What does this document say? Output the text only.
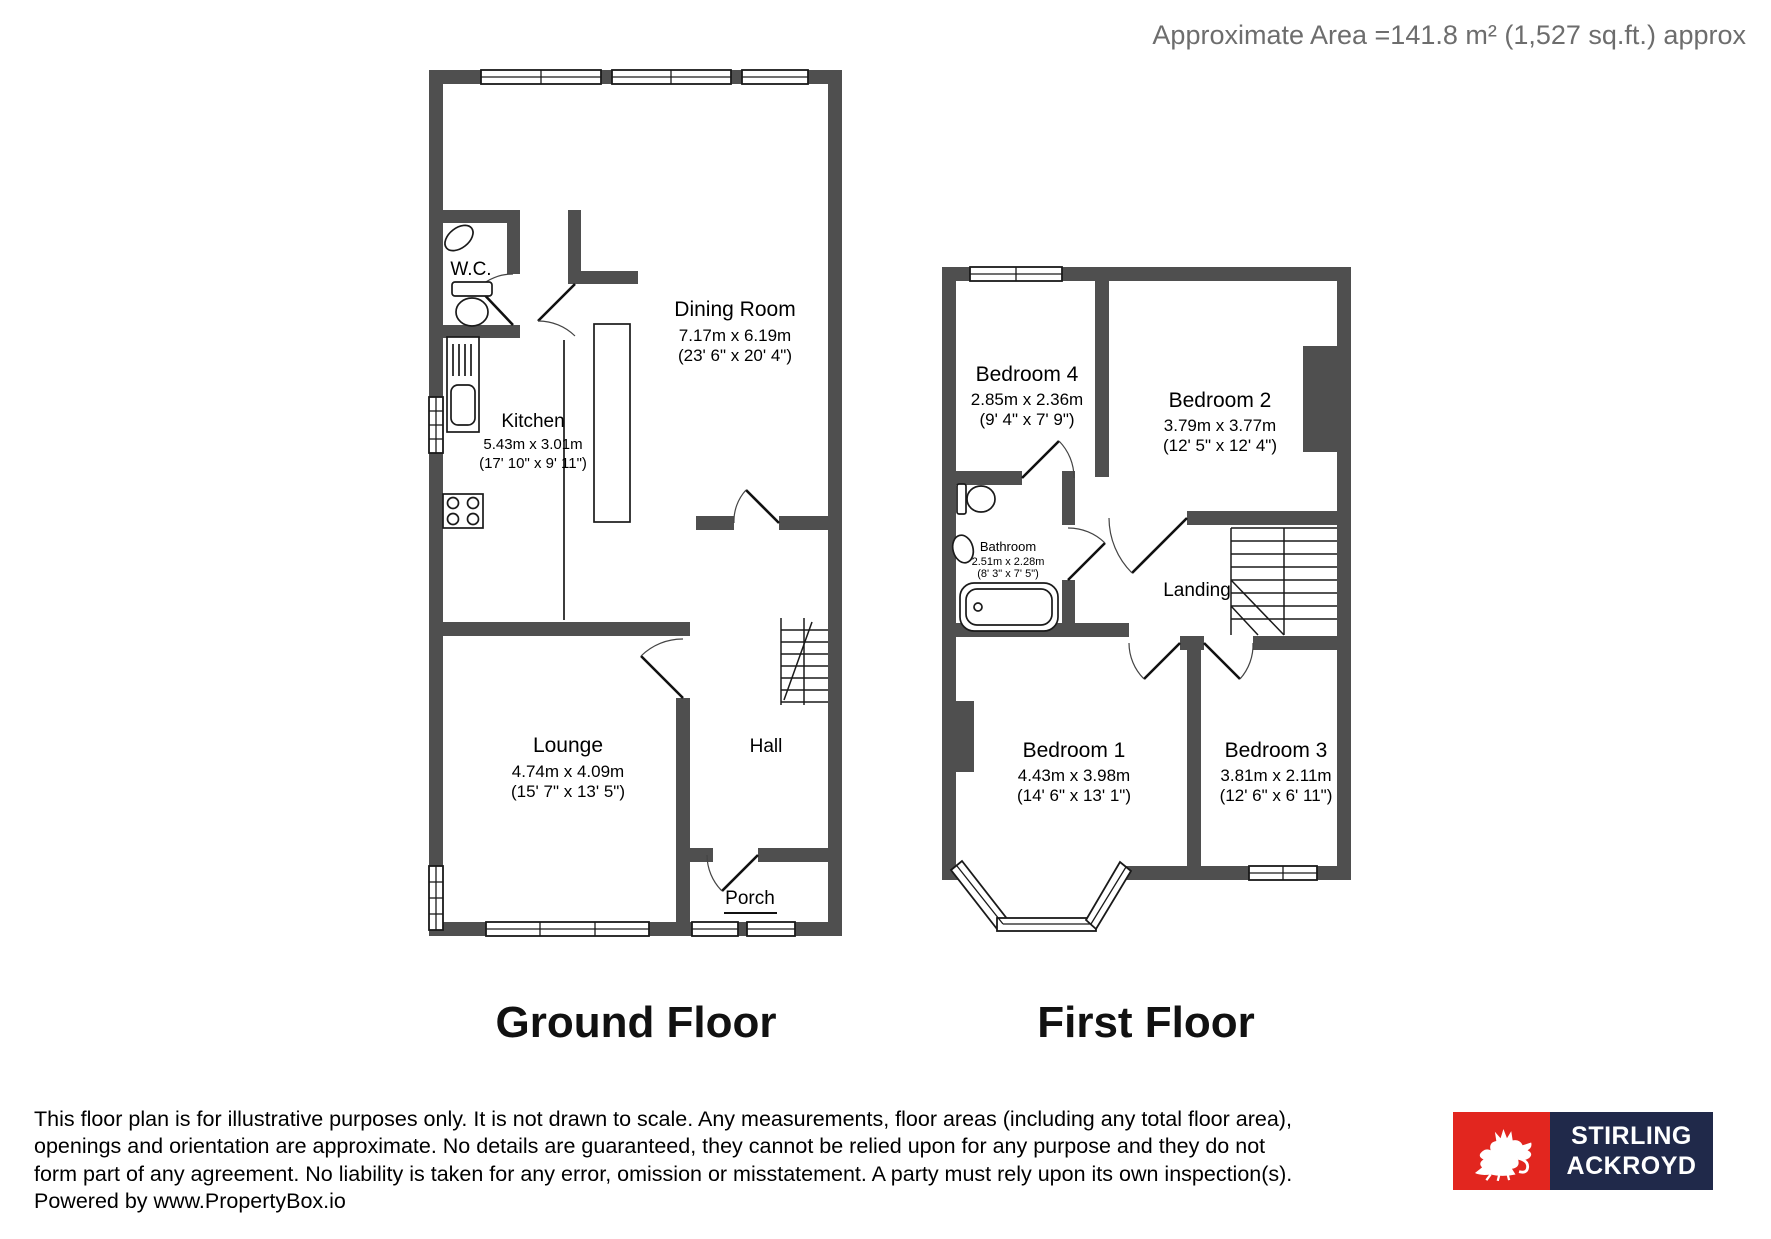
Approximate Area =141.8 m² (1,527 sq.ft.) approx
Dining Room
7.17m x 6.19m
(23' 6" x 20' 4")
W.C.
Kitchen
5.43m x 3.01m
(17' 10" x 9' 11")
Lounge
4.74m x 4.09m
(15' 7" x 13' 5")
Hall
Porch
Bedroom 4
2.85m x 2.36m
(9' 4" x 7' 9")
Bedroom 2
3.79m x 3.77m
(12' 5" x 12' 4")
Bathroom
2.51m x 2.28m
(8' 3" x 7' 5")
Landing
Bedroom 1
4.43m x 3.98m
(14' 6" x 13' 1")
Bedroom 3
3.81m x 2.11m
(12' 6" x 6' 11")
Ground Floor	First Floor
This floor plan is for illustrative purposes only. It is not drawn to scale. Any measurements, floor areas (including any total floor area),
openings and orientation are approximate. No details are guaranteed, they cannot be relied upon for any purpose and they do not
form part of any agreement. No liability is taken for any error, omission or misstatement. A party must rely upon its own inspection(s).
Powered by www.PropertyBox.io
STIRLING
ACKROYD
